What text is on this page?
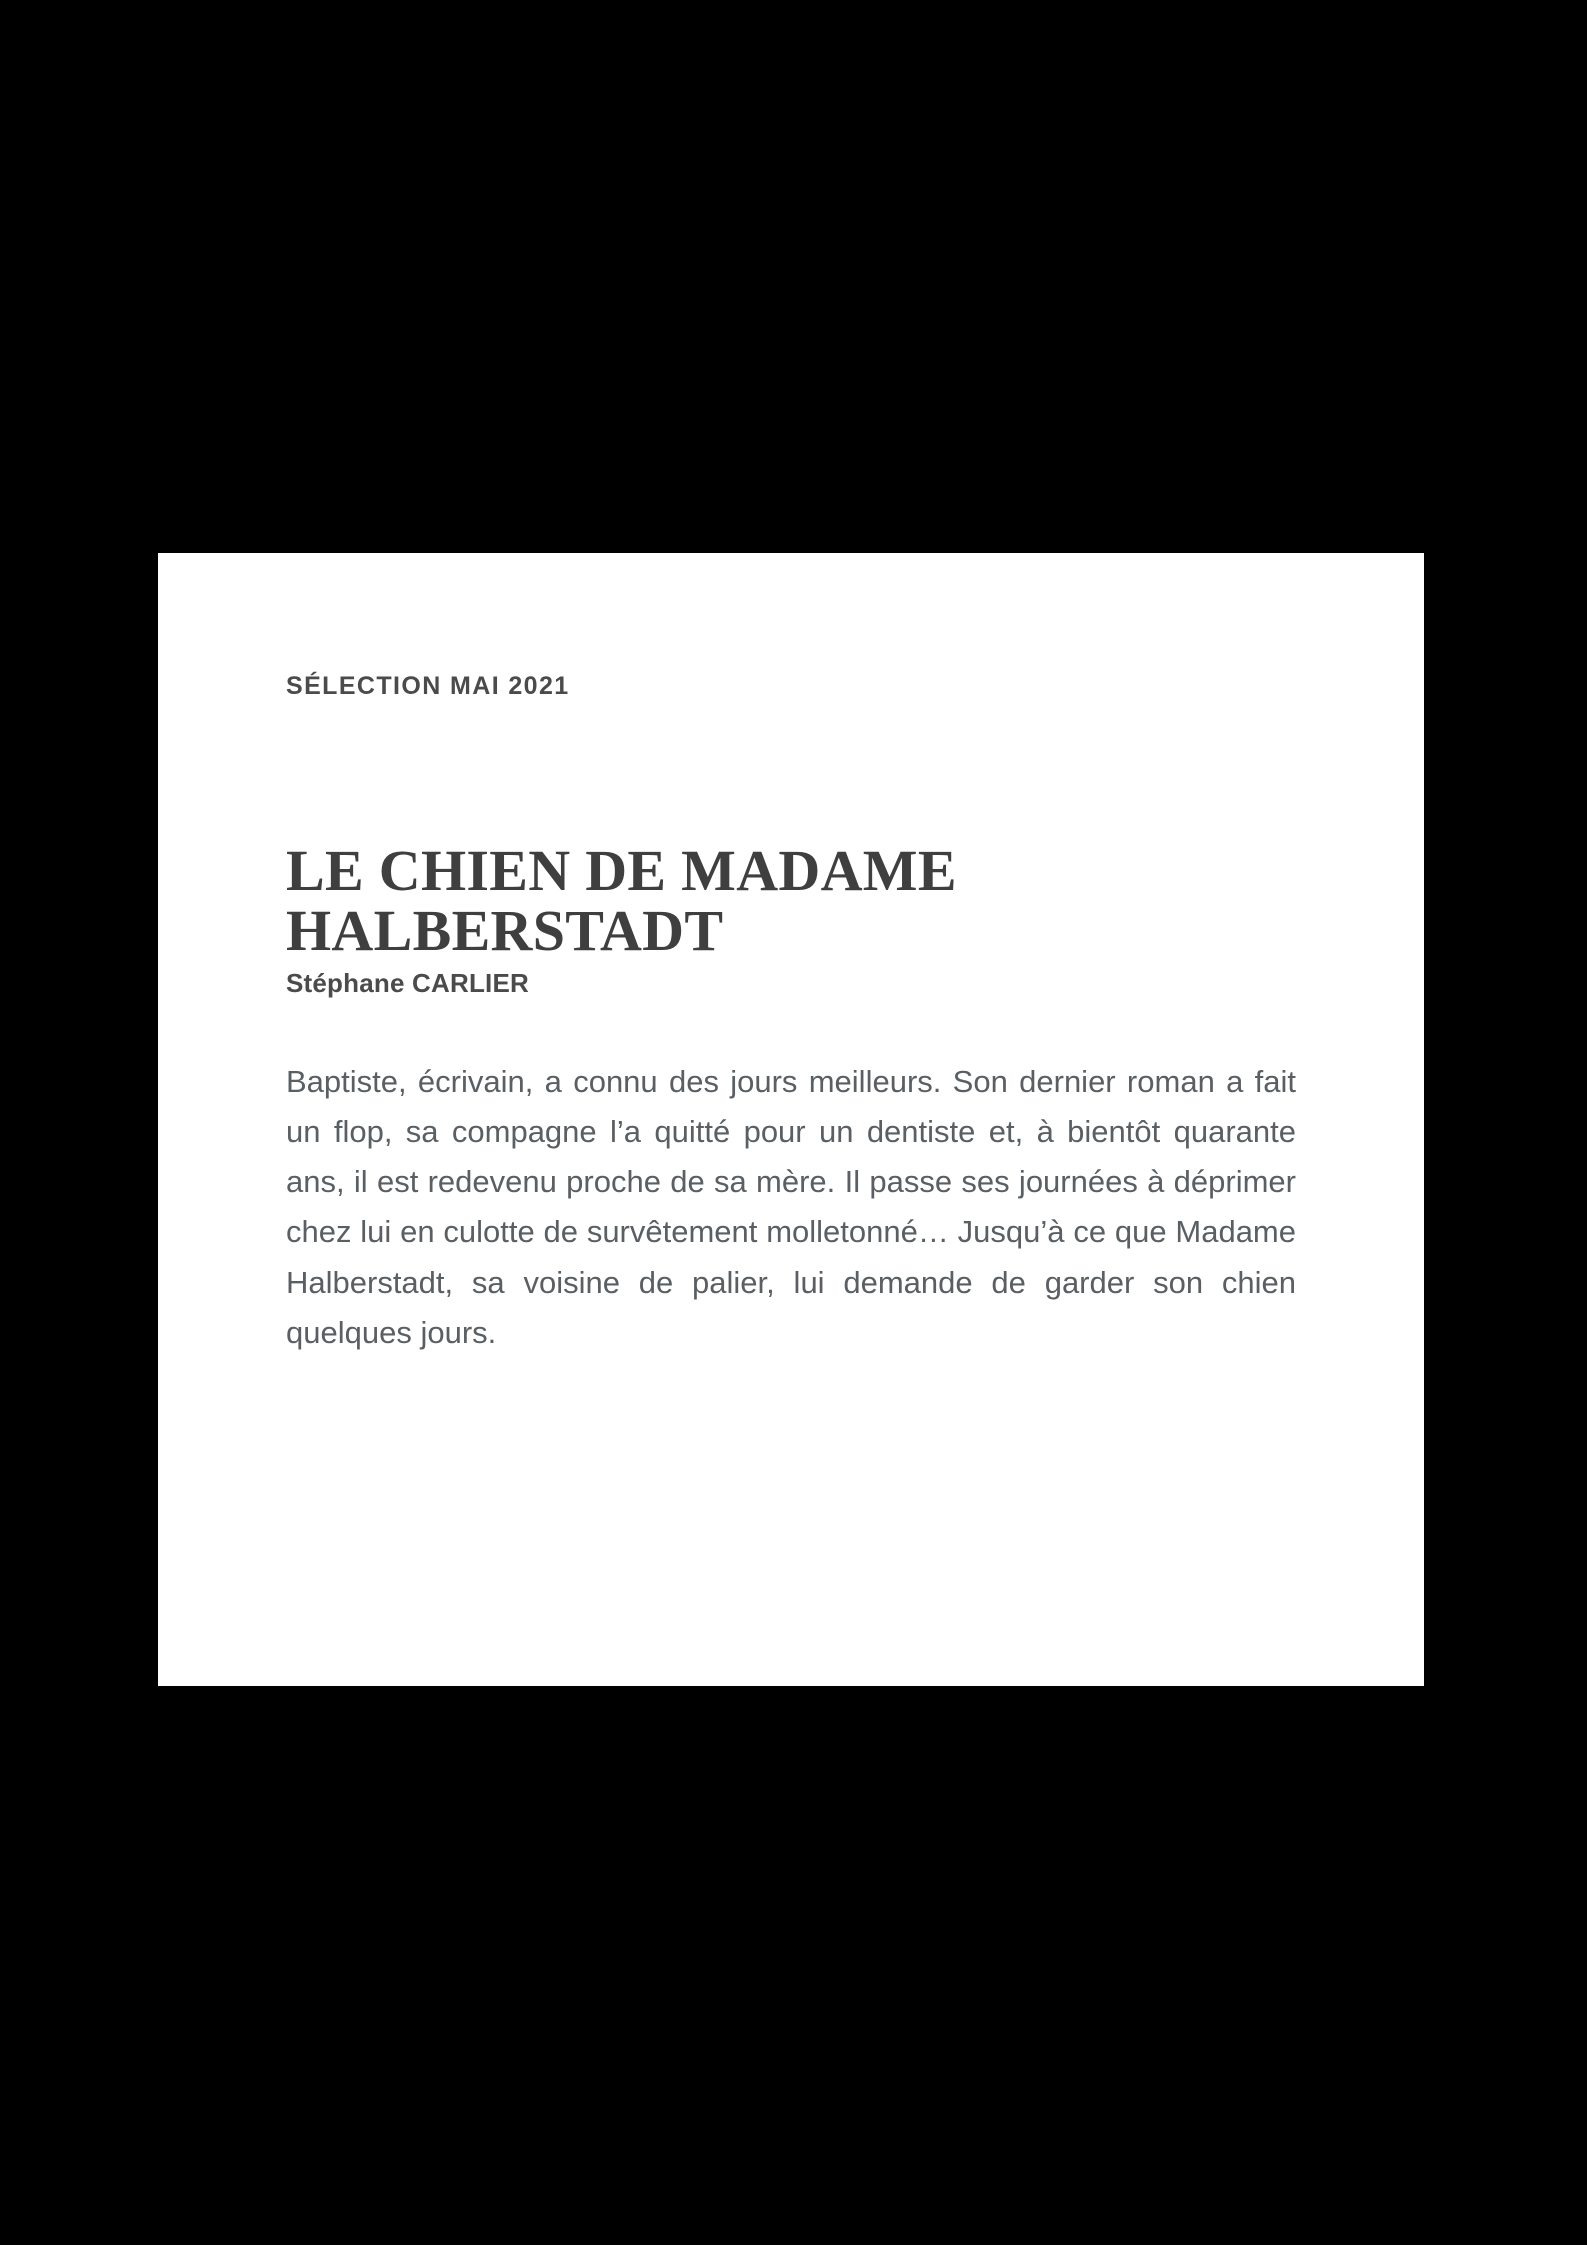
SÉLECTION MAI 2021

LE CHIEN DE MADAME HALBERSTADT

Stéphane CARLIER

Baptiste, écrivain, a connu des jours meilleurs. Son dernier roman a fait un flop, sa compagne l’a quitté pour un dentiste et, à bientôt quarante ans, il est redevenu proche de sa mère. Il passe ses journées à déprimer chez lui en culotte de survêtement molletonné… Jusqu’à ce que Madame Halberstadt, sa voisine de palier, lui demande de garder son chien quelques jours.
